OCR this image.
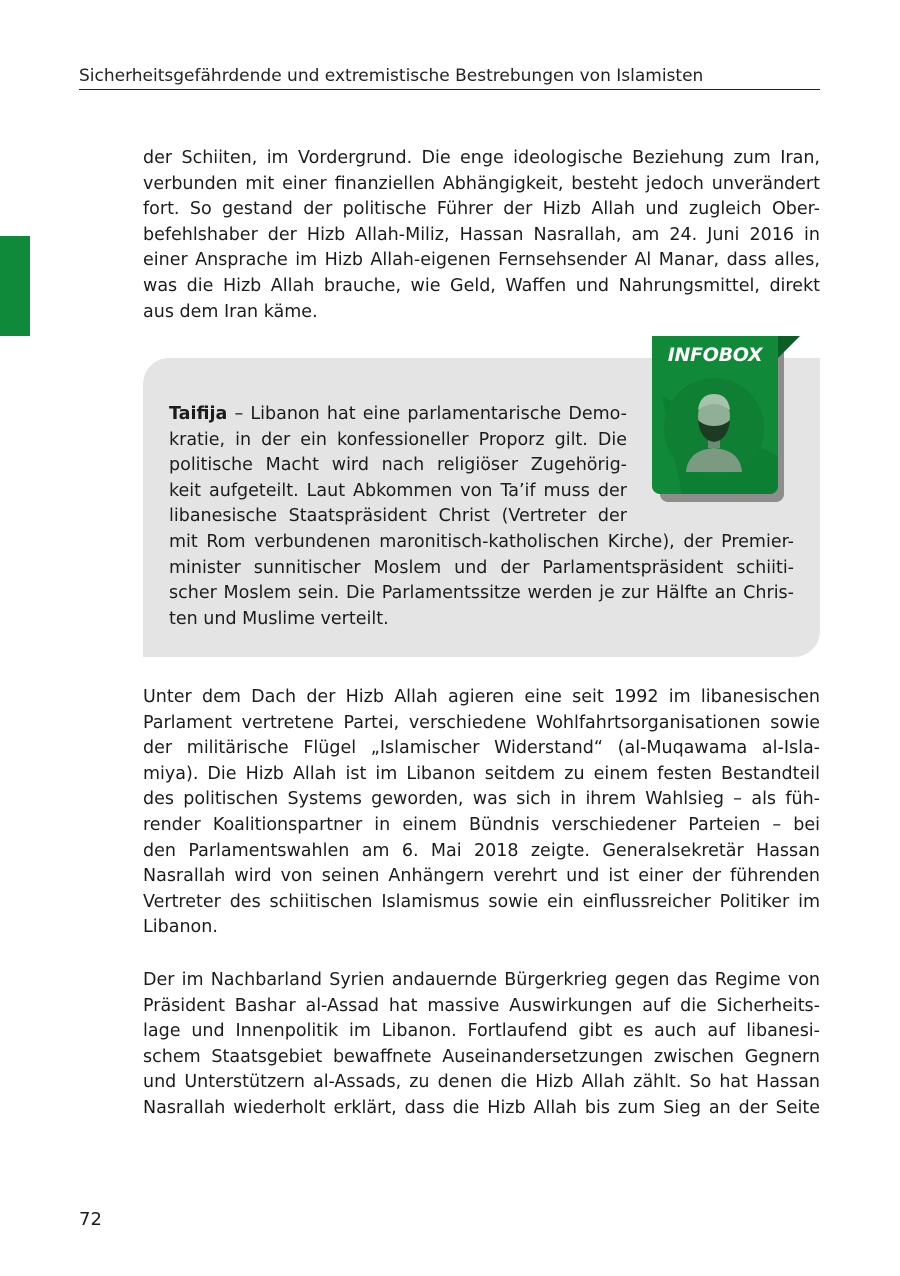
Sicherheitsgefährdende und extremistische Bestrebungen von Islamisten
der Schiiten, im Vordergrund. Die enge ideologische Beziehung zum Iran,
verbunden mit einer finanziellen Abhängigkeit, besteht jedoch unverändert
fort. So gestand der politische Führer der Hizb Allah und zugleich Ober-
befehlshaber der Hizb Allah-Miliz, Hassan Nasrallah, am 24. Juni 2016 in
einer Ansprache im Hizb Allah-eigenen Fernsehsender Al Manar, dass alles,
was die Hizb Allah brauche, wie Geld, Waffen und Nahrungsmittel, direkt
aus dem Iran käme.
Taifija – Libanon hat eine parlamentarische Demo-
kratie, in der ein konfessioneller Proporz gilt. Die
politische Macht wird nach religiöser Zugehörig-
keit aufgeteilt. Laut Abkommen von Ta’if muss der
libanesische Staatspräsident Christ (Vertreter der
mit Rom verbundenen maronitisch-katholischen Kirche), der Premier-
minister sunnitischer Moslem und der Parlamentspräsident schiiti-
scher Moslem sein. Die Parlamentssitze werden je zur Hälfte an Chris-
ten und Muslime verteilt.
INFOBOX
Unter dem Dach der Hizb Allah agieren eine seit 1992 im libanesischen
Parlament vertretene Partei, verschiedene Wohlfahrtsorganisationen sowie
der militärische Flügel „Islamischer Widerstand“ (al-Muqawama al-Isla-
miya). Die Hizb Allah ist im Libanon seitdem zu einem festen Bestandteil
des politischen Systems geworden, was sich in ihrem Wahlsieg – als füh-
render Koalitionspartner in einem Bündnis verschiedener Parteien – bei
den Parlamentswahlen am 6. Mai 2018 zeigte. Generalsekretär Hassan
Nasrallah wird von seinen Anhängern verehrt und ist einer der führenden
Vertreter des schiitischen Islamismus sowie ein einflussreicher Politiker im
Libanon.
Der im Nachbarland Syrien andauernde Bürgerkrieg gegen das Regime von
Präsident Bashar al-Assad hat massive Auswirkungen auf die Sicherheits-
lage und Innenpolitik im Libanon. Fortlaufend gibt es auch auf libanesi-
schem Staatsgebiet bewaffnete Auseinandersetzungen zwischen Gegnern
und Unterstützern al-Assads, zu denen die Hizb Allah zählt. So hat Hassan
Nasrallah wiederholt erklärt, dass die Hizb Allah bis zum Sieg an der Seite
72
